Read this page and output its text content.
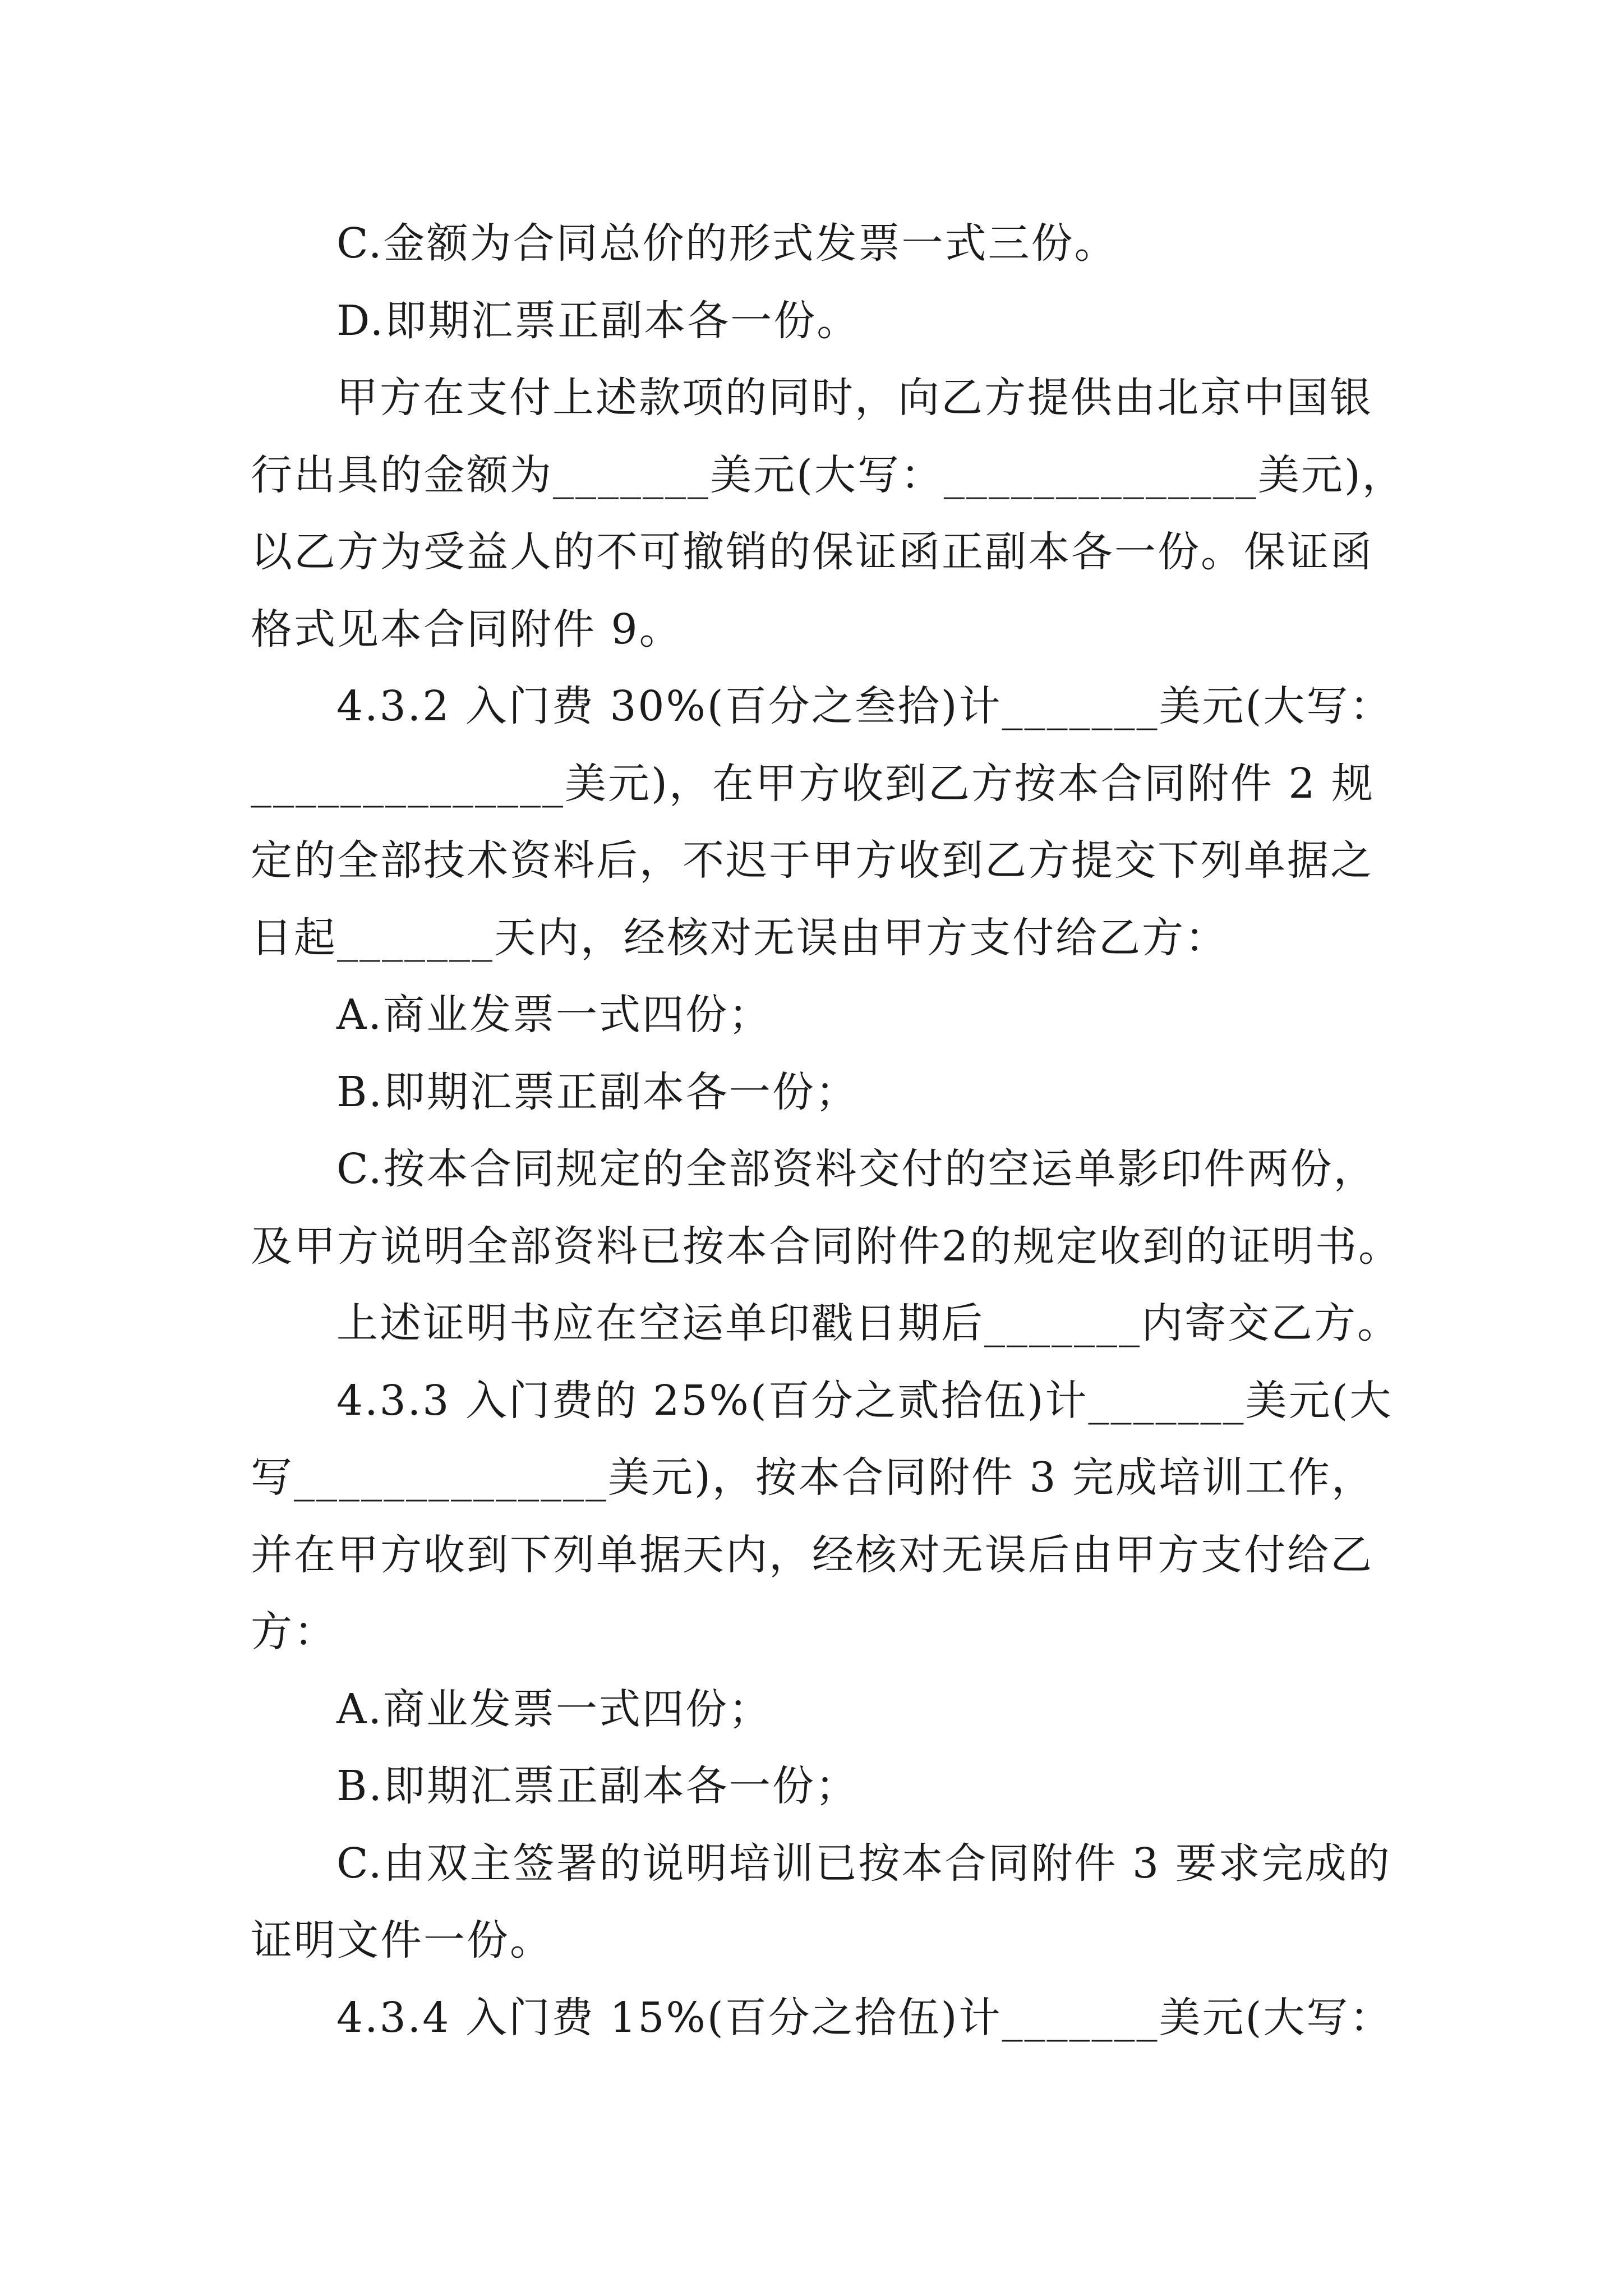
C.金额为合同总价的形式发票一式三份。
D.即期汇票正副本各一份。
甲方在支付上述款项的同时，向乙方提供由北京中国银
行出具的金额为_______美元(大写：______________美元)，
以乙方为受益人的不可撤销的保证函正副本各一份。保证函
格式见本合同附件 9。
4.3.2 入门费 30%(百分之叁拾)计_______美元(大写：
______________美元)，在甲方收到乙方按本合同附件 2 规
定的全部技术资料后，不迟于甲方收到乙方提交下列单据之
日起_______天内，经核对无误由甲方支付给乙方：
A.商业发票一式四份；
B.即期汇票正副本各一份；
C.按本合同规定的全部资料交付的空运单影印件两份，
及甲方说明全部资料已按本合同附件2的规定收到的证明书。
上述证明书应在空运单印戳日期后_______内寄交乙方。
4.3.3 入门费的 25%(百分之贰拾伍)计_______美元(大
写______________美元)，按本合同附件 3 完成培训工作，
并在甲方收到下列单据天内，经核对无误后由甲方支付给乙
方：
A.商业发票一式四份；
B.即期汇票正副本各一份；
C.由双主签署的说明培训已按本合同附件 3 要求完成的
证明文件一份。
4.3.4 入门费 15%(百分之拾伍)计_______美元(大写：
